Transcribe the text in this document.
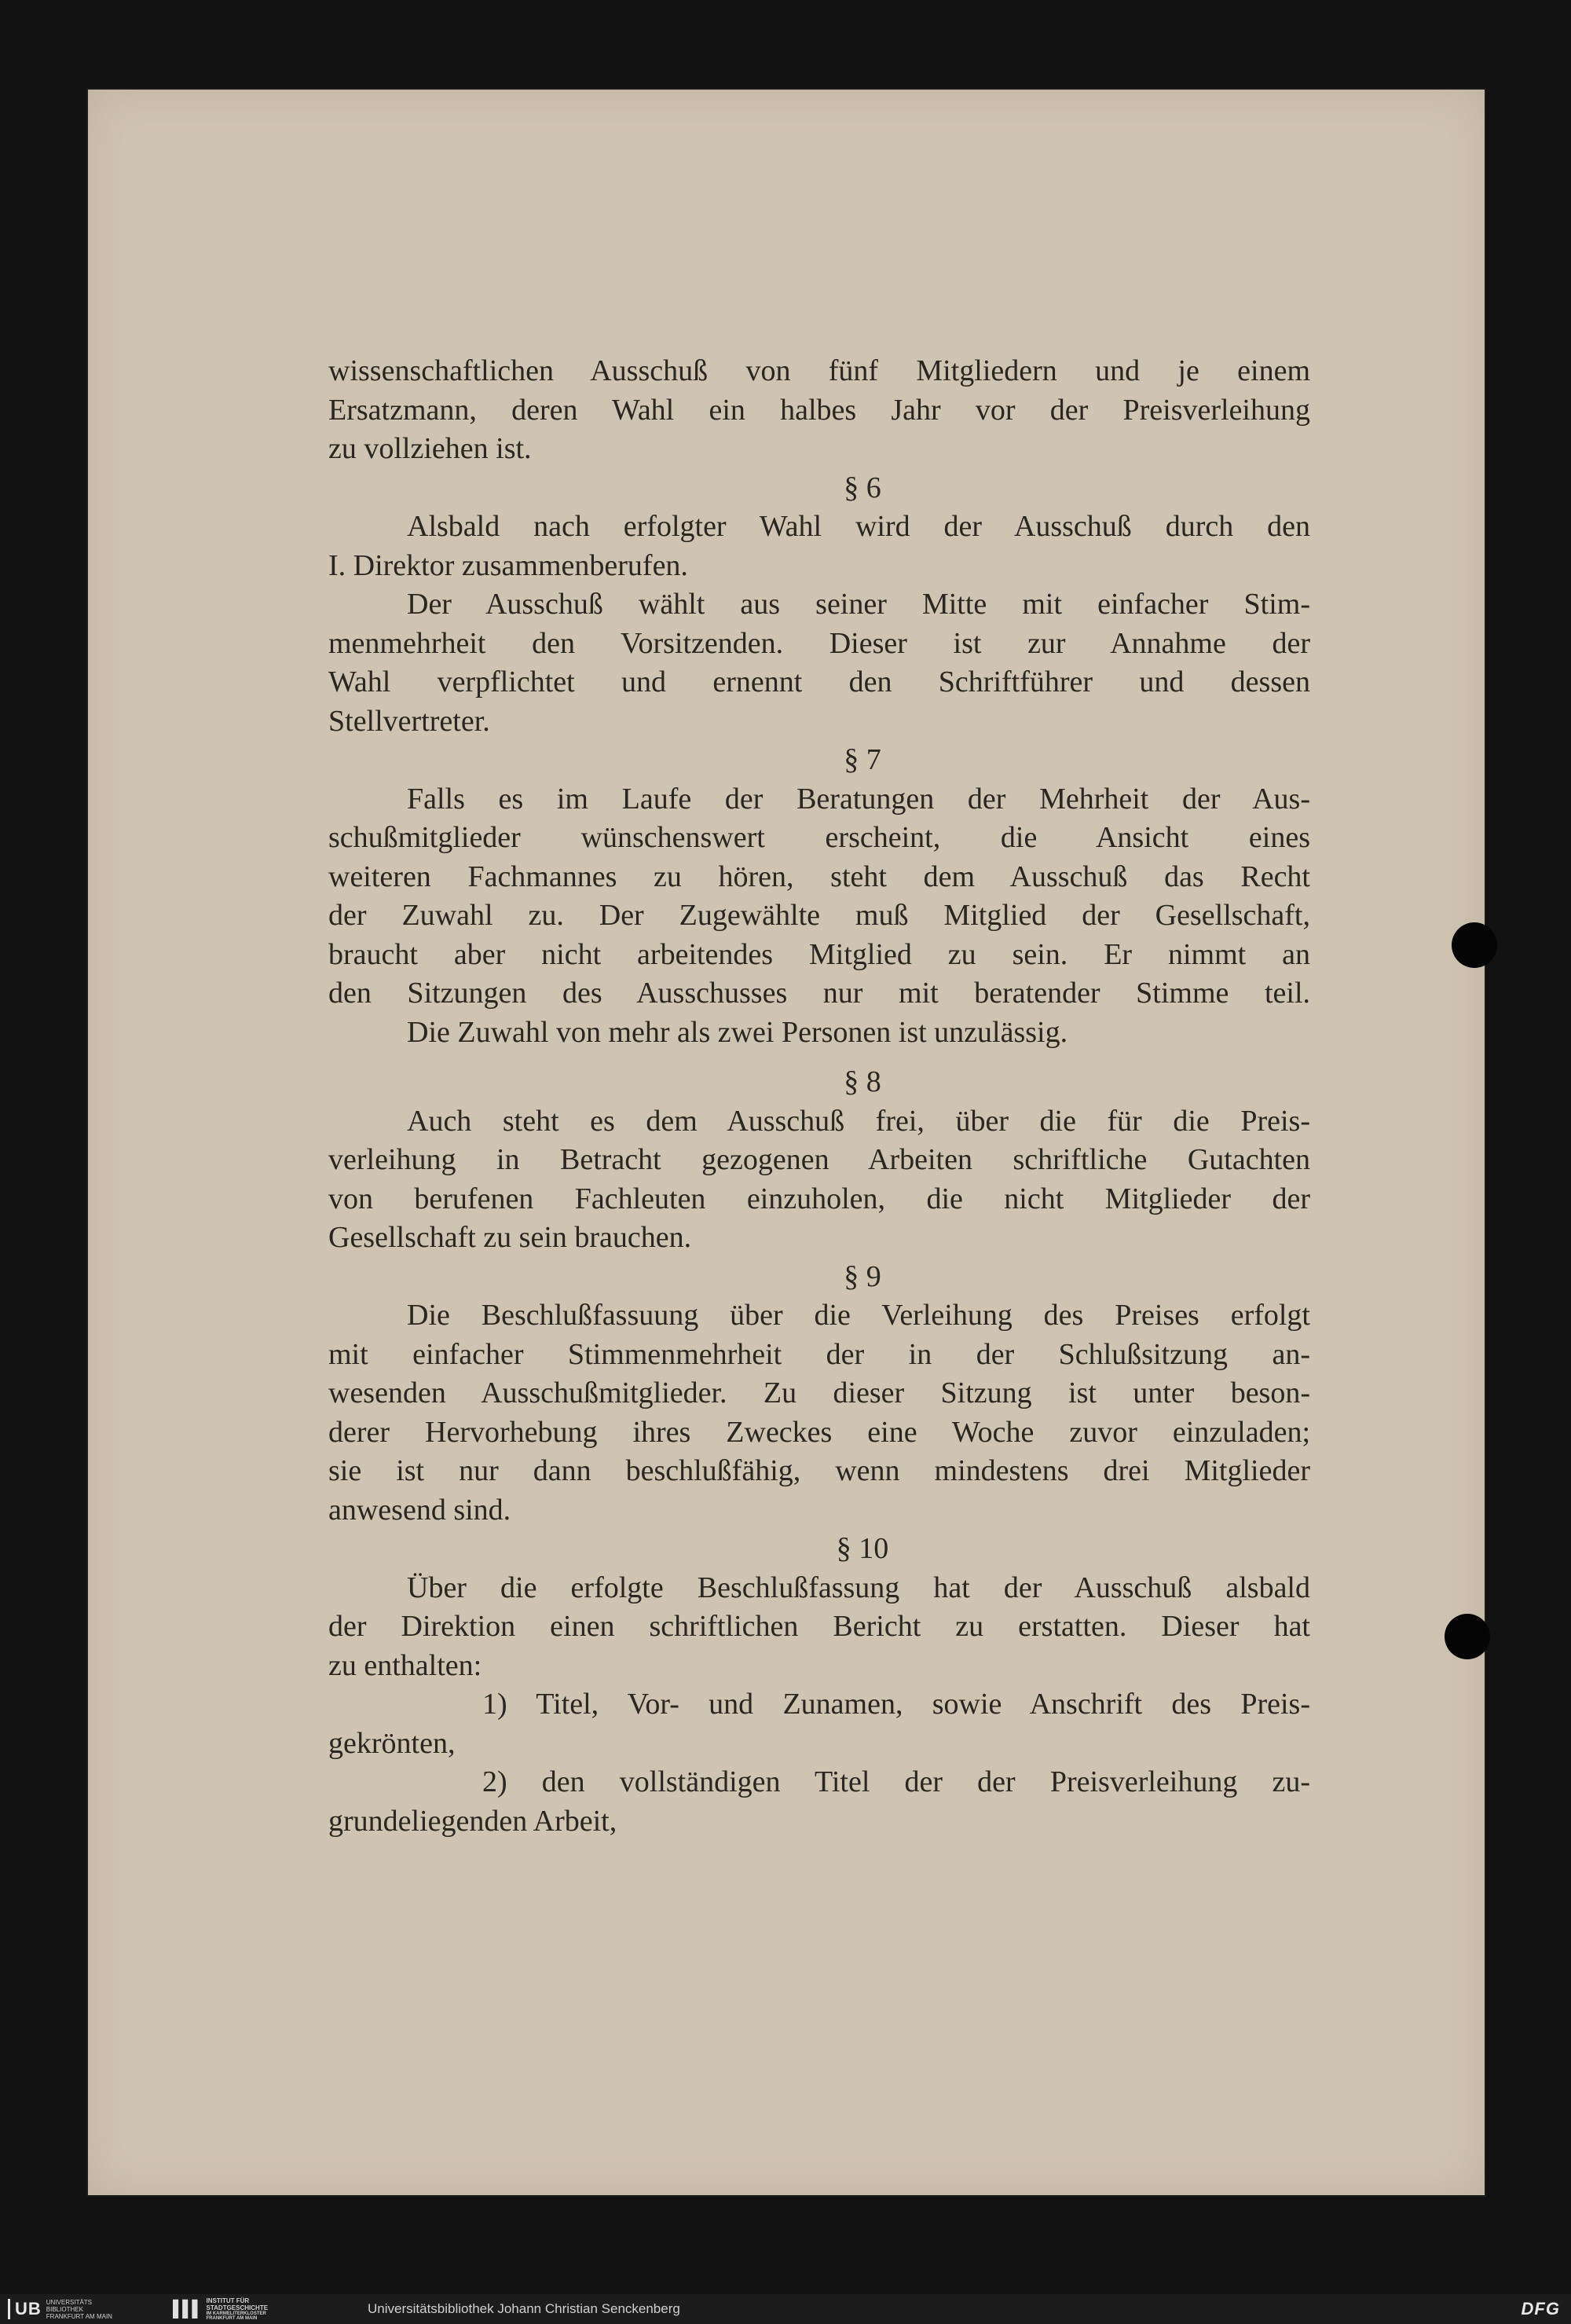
wissenschaftlichen Ausschuß von fünf Mitgliedern und je einem
Ersatzmann, deren Wahl ein halbes Jahr vor der Preisverleihung
zu vollziehen ist.

§ 6

Alsbald nach erfolgter Wahl wird der Ausschuß durch den
I. Direktor zusammenberufen.

Der Ausschuß wählt aus seiner Mitte mit einfacher Stim-
menmehrheit den Vorsitzenden. Dieser ist zur Annahme der
Wahl verpflichtet und ernennt den Schriftführer und dessen
Stellvertreter.

§ 7

Falls es im Laufe der Beratungen der Mehrheit der Aus-
schußmitglieder wünschenswert erscheint, die Ansicht eines
weiteren Fachmannes zu hören, steht dem Ausschuß das Recht
der Zuwahl zu. Der Zugewählte muß Mitglied der Gesellschaft,
braucht aber nicht arbeitendes Mitglied zu sein. Er nimmt an
den Sitzungen des Ausschusses nur mit beratender Stimme teil.

Die Zuwahl von mehr als zwei Personen ist unzulässig.

§ 8

Auch steht es dem Ausschuß frei, über die für die Preis-
verleihung in Betracht gezogenen Arbeiten schriftliche Gutachten
von berufenen Fachleuten einzuholen, die nicht Mitglieder der
Gesellschaft zu sein brauchen.

§ 9

Die Beschlußfassuung über die Verleihung des Preises erfolgt
mit einfacher Stimmenmehrheit der in der Schlußsitzung an-
wesenden Ausschußmitglieder. Zu dieser Sitzung ist unter beson-
derer Hervorhebung ihres Zweckes eine Woche zuvor einzuladen;
sie ist nur dann beschlußfähig, wenn mindestens drei Mitglieder
anwesend sind.

§ 10

Über die erfolgte Beschlußfassung hat der Ausschuß alsbald
der Direktion einen schriftlichen Bericht zu erstatten. Dieser hat
zu enthalten:

1) Titel, Vor- und Zunamen, sowie Anschrift des Preis-
gekrönten,

2) den vollständigen Titel der der Preisverleihung zu-
grundeliegenden Arbeit,

UB UNIVERSITÄTS
BIBLIOTHEK
FRANKFURT AM MAIN	▌▌▌ INSTITUT FÜR
STADTGESCHICHTE
IM KARMELITERKLOSTER
FRANKFURT AM MAIN
Universitätsbibliothek Johann Christian Senckenberg	DFG
